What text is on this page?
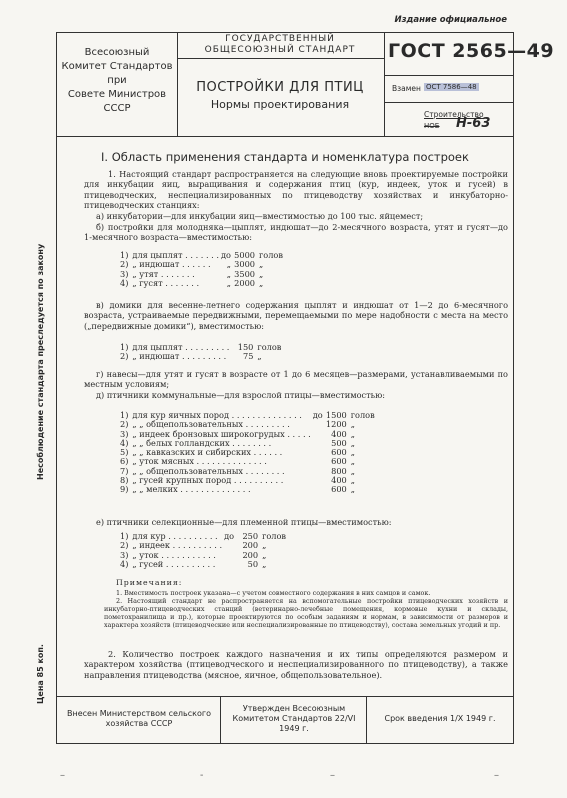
Издание официальное
Несоблюдение стандарта преследуется по закону
Цена 85 коп.
Всесоюзный
Комитет Стандартов
при
Совете Министров
СССР
ГОСУДАРСТВЕННЫЙ
ОБЩЕСОЮЗНЫЙ СТАНДАРТ
ПОСТРОЙКИ ДЛЯ ПТИЦ
Нормы проектирования
ГОСТ 2565—49
Взамен ОСТ 7586—48
Строительство
НОБ Н-63
I. Область применения стандарта и номенклатура построек
1. Настоящий стандарт распространяется на следующие вновь проектируемые постройки для инкубации яиц, выращивания и содержания птиц (кур, индеек, уток и гусей) в птицеводческих, неспециализированных по птицеводству хозяйствах и инкубаторно-птицеводческих станциях:
а) инкубатории—для инкубации яиц—вместимостью до 100 тыс. яйцемест;
б) постройки для молодняка—цыплят, индюшат—до 2-месячного возраста, утят и гусят—до 1-месячного возраста—вместимостью:
1)	для цыплят . . . . . . .	до	5000	голов
2)	„ индюшат . . . . . .	„	3000	„
3)	„ утят . . . . . . .	„	3500	„
4)	„ гусят . . . . . . .	„	2000	„
в) домики для весенне-летнего содержания цыплят и индюшат от 1—2 до 6-месячного возраста, устраиваемые передвижными, перемещаемыми по мере надобности с места на место („передвижные домики“), вместимостью:
1)	для цыплят . . . . . . . . .	150	голов
2)	„ индюшат . . . . . . . . .	75	„
г) навесы—для утят и гусят в возрасте от 1 до 6 месяцев—размерами, устанавливаемыми по местным условиям;
д) птичники коммунальные—для взрослой птицы—вместимостью:
1)	для кур яичных пород . . . . . . . . . . . . . .	до	1500	голов
2)	„ „ общепользовательных . . . . . . . . .		1200	„
3)	„ индеек бронзовых широкогрудых . . . . .		400	„
4)	„ „ белых голландских . . . . . . . .		500	„
5)	„ „ кавказских и сибирских . . . . . .		600	„
6)	„ уток мясных . . . . . . . . . . . . . .		600	„
7)	„ „ общепользовательных . . . . . . . .		800	„
8)	„ гусей крупных пород . . . . . . . . . .		400	„
9)	„ „ мелких . . . . . . . . . . . . . .		600	„
е) птичники селекционные—для племенной птицы—вместимостью:
1)	для кур . . . . . . . . . .	до	250	голов
2)	„ индеек . . . . . . . . . .		200	„
3)	„ уток . . . . . . . . . . .		200	„
4)	„ гусей . . . . . . . . . .		50	„
Примечания:
1. Вместимость построек указана—с учетом совместного содержания в них самцов и самок.
2. Настоящий стандарт не распространяется на вспомогательные постройки птицеводческих хозяйств и инкубаторно-птицеводческих станций (ветеринарно-лечебные помещения, кормовые кухни и склады, пометохранилища и пр.), которые проектируются по особым заданиям и нормам, в зависимости от размеров и характера хозяйств (птицеводческие или неспециализированные по птицеводству), состава земельных угодий и пр.
2. Количество построек каждого назначения и их типы определяются размером и характером хозяйства (птицеводческого и неспециализированного по птицеводству), а также направления птицеводства (мясное, яичное, общепользовательное).
Внесен Министерством сельского хозяйства СССР
Утвержден Всесоюзным Комитетом Стандартов 22/VI 1949 г.
Срок введения 1/X 1949 г.
–	-	–	–
